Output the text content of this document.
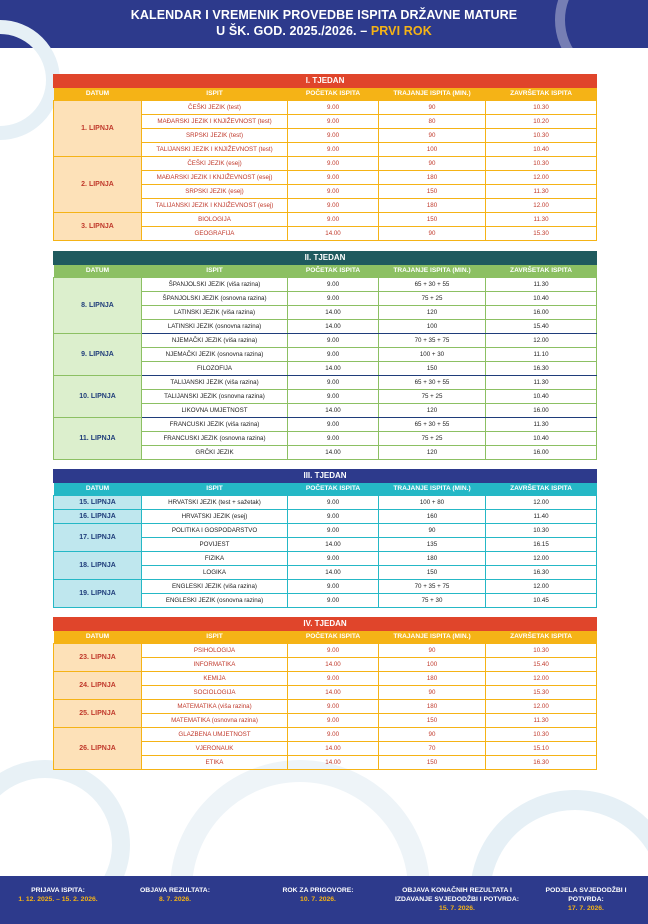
KALENDAR I VREMENIK PROVEDBE ISPITA DRŽAVNE MATURE
U ŠK. GOD. 2025./2026. – PRVI ROK
I. TJEDAN				
DATUM	ISPIT	POČETAK ISPITA	TRAJANJE ISPITA (MIN.)	ZAVRŠETAK ISPITA
1. LIPNJA	ČEŠKI JEZIK (test)	9.00	90	10.30
	MAĐARSKI JEZIK I KNJIŽEVNOST (test)	9.00	80	10.20
	SRPSKI JEZIK (test)	9.00	90	10.30
	TALIJANSKI JEZIK I KNJIŽEVNOST (test)	9.00	100	10.40
2. LIPNJA	ČEŠKI JEZIK (esej)	9.00	90	10.30
	MAĐARSKI JEZIK I KNJIŽEVNOST (esej)	9.00	180	12.00
	SRPSKI JEZIK (esej)	9.00	150	11.30
	TALIJANSKI JEZIK I KNJIŽEVNOST (esej)	9.00	180	12.00
3. LIPNJA	BIOLOGIJA	9.00	150	11.30
	GEOGRAFIJA	14.00	90	15.30
II. TJEDAN				
DATUM	ISPIT	POČETAK ISPITA	TRAJANJE ISPITA (MIN.)	ZAVRŠETAK ISPITA
8. LIPNJA	ŠPANJOLSKI JEZIK (viša razina)	9.00	65 + 30 + 55	11.30
	ŠPANJOLSKI JEZIK (osnovna razina)	9.00	75 + 25	10.40
	LATINSKI JEZIK (viša razina)	14.00	120	16.00
	LATINSKI JEZIK (osnovna razina)	14.00	100	15.40
9. LIPNJA	NJEMAČKI JEZIK (viša razina)	9.00	70 + 35 + 75	12.00
	NJEMAČKI JEZIK (osnovna razina)	9.00	100 + 30	11.10
	FILOZOFIJA	14.00	150	16.30
10. LIPNJA	TALIJANSKI JEZIK (viša razina)	9.00	65 + 30 + 55	11.30
	TALIJANSKI JEZIK (osnovna razina)	9.00	75 + 25	10.40
	LIKOVNA UMJETNOST	14.00	120	16.00
11. LIPNJA	FRANCUSKI JEZIK (viša razina)	9.00	65 + 30 + 55	11.30
	FRANCUSKI JEZIK (osnovna razina)	9.00	75 + 25	10.40
	GRČKI JEZIK	14.00	120	16.00
III. TJEDAN				
DATUM	ISPIT	POČETAK ISPITA	TRAJANJE ISPITA (MIN.)	ZAVRŠETAK ISPITA
15. LIPNJA	HRVATSKI JEZIK (test + sažetak)	9.00	100 + 80	12.00
16. LIPNJA	HRVATSKI JEZIK (esej)	9.00	160	11.40
17. LIPNJA	POLITIKA I GOSPODARSTVO	9.00	90	10.30
	POVIJEST	14.00	135	16.15
18. LIPNJA	FIZIKA	9.00	180	12.00
	LOGIKA	14.00	150	16.30
19. LIPNJA	ENGLESKI JEZIK (viša razina)	9.00	70 + 35 + 75	12.00
	ENGLESKI JEZIK (osnovna razina)	9.00	75 + 30	10.45
IV. TJEDAN				
DATUM	ISPIT	POČETAK ISPITA	TRAJANJE ISPITA (MIN.)	ZAVRŠETAK ISPITA
23. LIPNJA	PSIHOLOGIJA	9.00	90	10.30
	INFORMATIKA	14.00	100	15.40
24. LIPNJA	KEMIJA	9.00	180	12.00
	SOCIOLOGIJA	14.00	90	15.30
25. LIPNJA	MATEMATIKA (viša razina)	9.00	180	12.00
	MATEMATIKA (osnovna razina)	9.00	150	11.30
26. LIPNJA	GLAZBENA UMJETNOST	9.00	90	10.30
	VJERONAUK	14.00	70	15.10
	ETIKA	14.00	150	16.30
PRIJAVA ISPITA:
1. 12. 2025. – 15. 2. 2026.
OBJAVA REZULTATA:
8. 7. 2026.
ROK ZA PRIGOVORE:
10. 7. 2026.
OBJAVA KONAČNIH REZULTATA I IZDAVANJE SVJEDODŽBI I POTVRDA:
15. 7. 2026.
PODJELA SVJEDODŽBI I POTVRDA:
17. 7. 2026.
